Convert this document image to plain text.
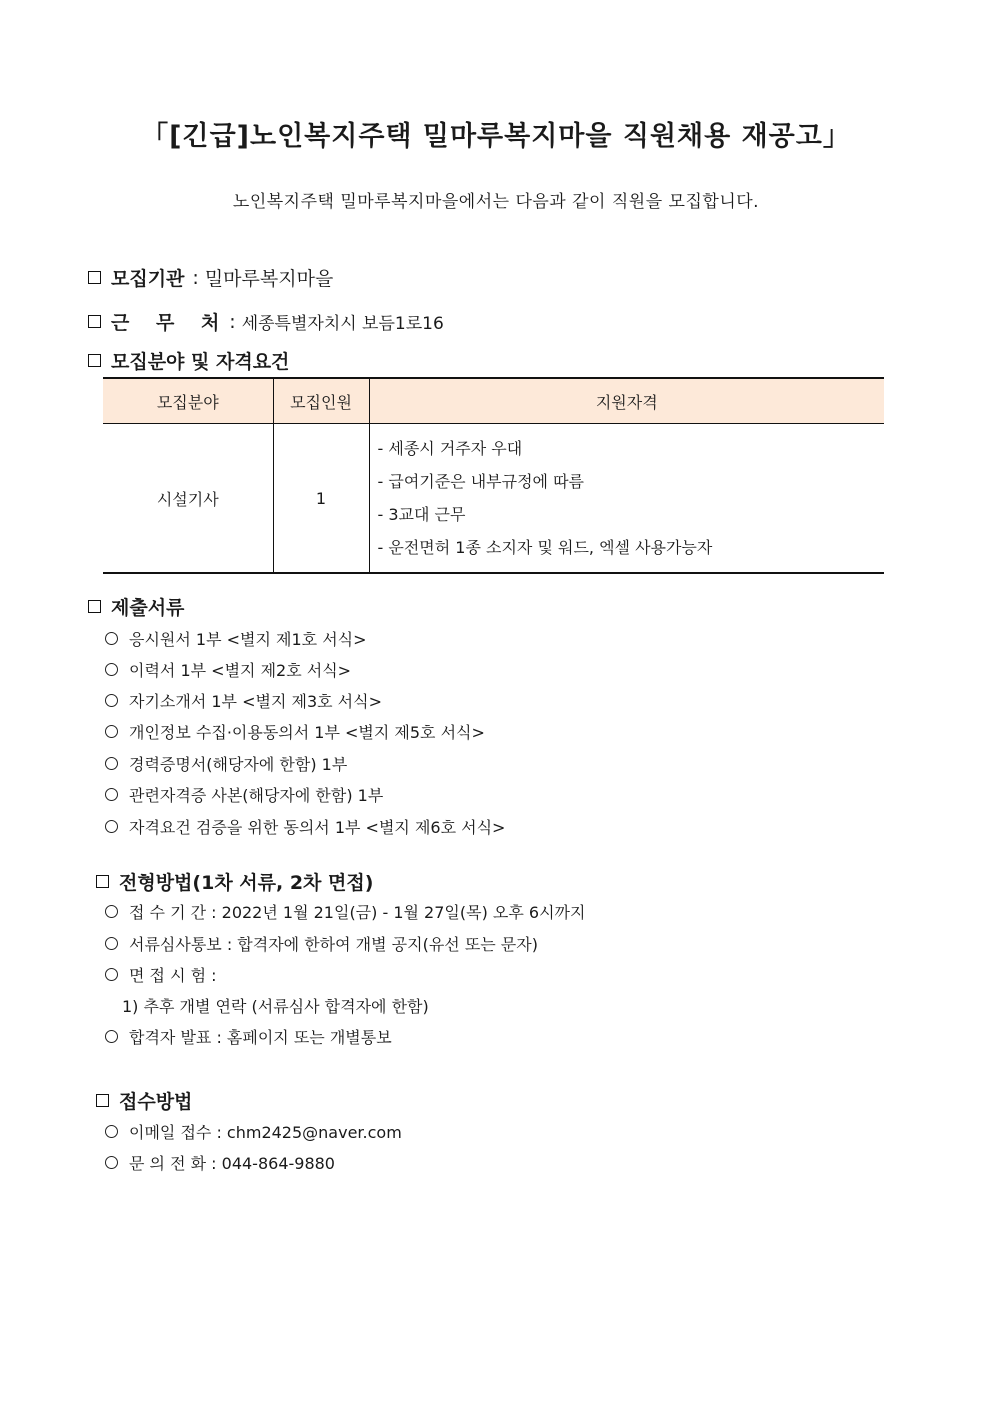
「[긴급]노인복지주택 밀마루복지마을 직원채용 재공고」
노인복지주택 밀마루복지마을에서는 다음과 같이 직원을 모집합니다.
모집기관 : 밀마루복지마을
근 무 처 : 세종특별자치시 보듬1로16
모집분야 및 자격요건
모집분야	모집인원	지원자격
시설기사	1	- 세종시 거주자 우대
- 급여기준은 내부규정에 따름
- 3교대 근무
- 운전면허 1종 소지자 및 워드, 엑셀 사용가능자
제출서류
응시원서 1부 <별지 제1호 서식>
이력서 1부 <별지 제2호 서식>
자기소개서 1부 <별지 제3호 서식>
개인정보 수집·이용동의서 1부 <별지 제5호 서식>
경력증명서(해당자에 한함) 1부
관련자격증 사본(해당자에 한함) 1부
자격요건 검증을 위한 동의서 1부 <별지 제6호 서식>
전형방법(1차 서류, 2차 면접)
접 수 기 간 : 2022년 1월 21일(금) - 1월 27일(목) 오후 6시까지
서류심사통보 : 합격자에 한하여 개별 공지(유선 또는 문자)
면 접 시 험 :
1) 추후 개별 연락 (서류심사 합격자에 한함)
합격자 발표 : 홈페이지 또는 개별통보
접수방법
이메일 접수 : chm2425@naver.com
문 의 전 화 : 044-864-9880
